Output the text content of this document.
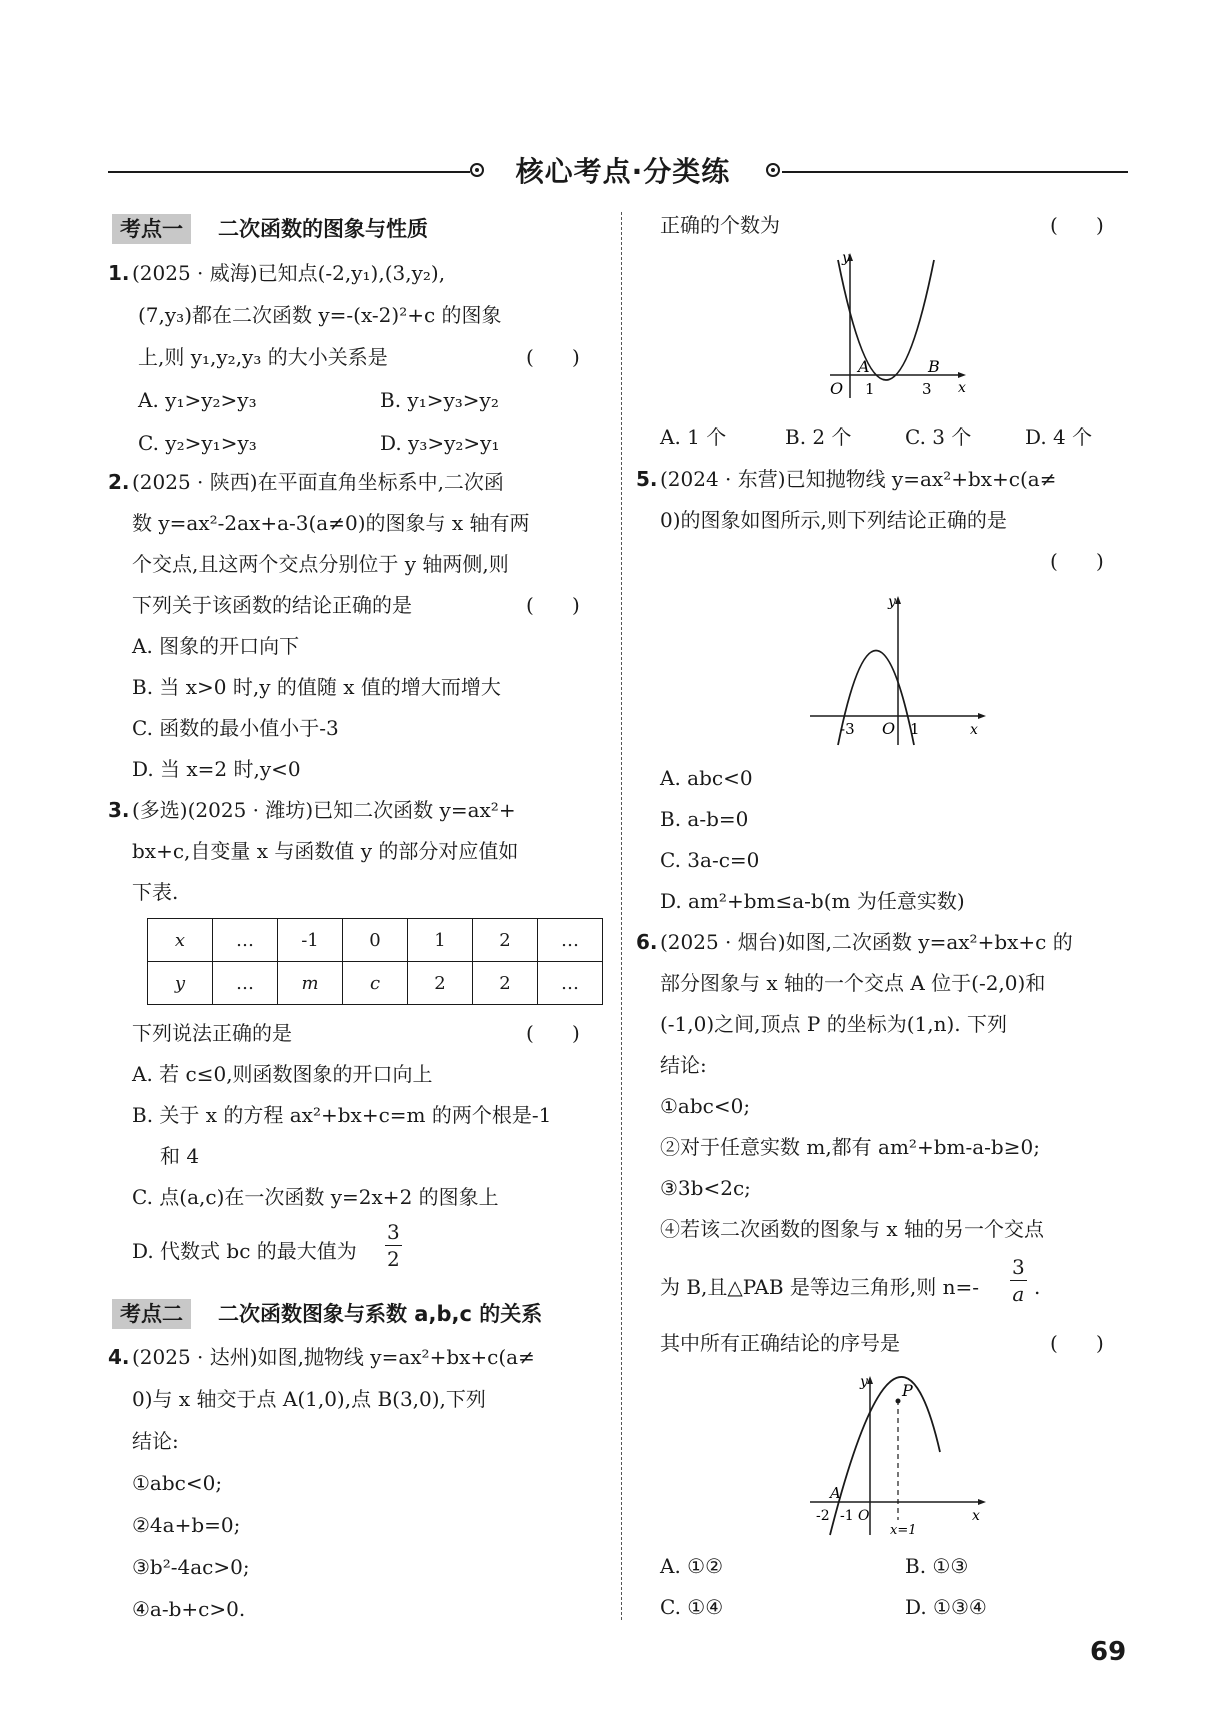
核心考点·分类练
考点一	二次函数的图象与性质
1. (2025 · 威海)已知点(-2,y₁),(3,y₂),
(7,y₃)都在二次函数 y=-(x-2)²+c 的图象
上,则 y₁,y₂,y₃ 的大小关系是	(      )
A. y₁>y₂>y₃	B. y₁>y₃>y₂
C. y₂>y₁>y₃	D. y₃>y₂>y₁
2. (2025 · 陕西)在平面直角坐标系中,二次函
数 y=ax²-2ax+a-3(a≠0)的图象与 x 轴有两
个交点,且这两个交点分别位于 y 轴两侧,则
下列关于该函数的结论正确的是	(      )
A. 图象的开口向下
B. 当 x>0 时,y 的值随 x 值的增大而增大
C. 函数的最小值小于-3
D. 当 x=2 时,y<0
3. (多选)(2025 · 潍坊)已知二次函数 y=ax²+
bx+c,自变量 x 与函数值 y 的部分对应值如
下表.
x	…	-1	0	1	2	…
y	…	m	c	2	2	…
下列说法正确的是	(      )
A. 若 c≤0,则函数图象的开口向上
B. 关于 x 的方程 ax²+bx+c=m 的两个根是-1
和 4
C. 点(a,c)在一次函数 y=2x+2 的图象上
D. 代数式 bc 的最大值为 $\frac{3}{2}$
考点二	二次函数图象与系数 a,b,c 的关系
4. (2025 · 达州)如图,抛物线 y=ax²+bx+c(a≠
0)与 x 轴交于点 A(1,0),点 B(3,0),下列
结论:
①abc<0;
②4a+b=0;
③b²-4ac>0;
④a-b+c>0.
正确的个数为	(      )
y
x
O
A	B
1	3
A. 1 个	B. 2 个	C. 3 个	D. 4 个
5. (2024 · 东营)已知抛物线 y=ax²+bx+c(a≠
0)的图象如图所示,则下列结论正确的是
(      )
y
x
O
-3	1
A. abc<0
B. a-b=0
C. 3a-c=0
D. am²+bm≤a-b(m 为任意实数)
6. (2025 · 烟台)如图,二次函数 y=ax²+bx+c 的
部分图象与 x 轴的一个交点 A 位于(-2,0)和
(-1,0)之间,顶点 P 的坐标为(1,n). 下列
结论:
①abc<0;
②对于任意实数 m,都有 am²+bm-a-b≥0;
③3b<2c;
④若该二次函数的图象与 x 轴的另一个交点
为 B,且△PAB 是等边三角形,则 $n=- \frac{3}{a}$ .
其中所有正确结论的序号是	(      )
y
x
P
A
-2 -1 O
x=1
A. ①②	B. ①③
C. ①④	D. ①③④
69
